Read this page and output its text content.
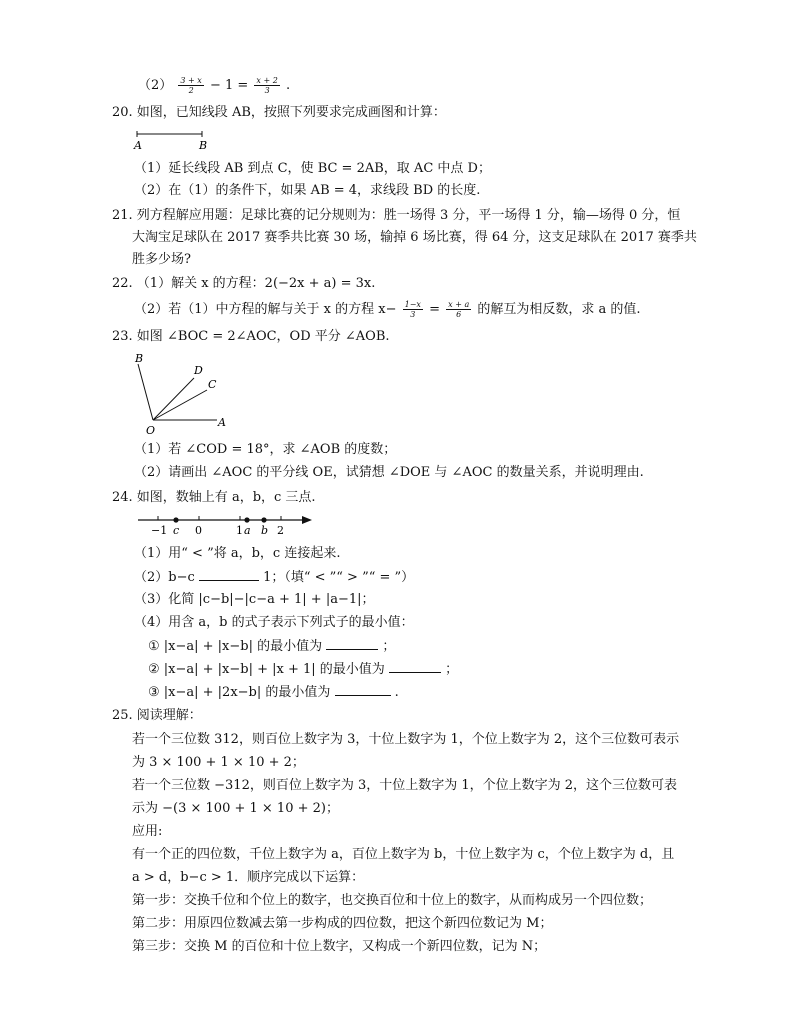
$(2) \frac{3 + x}{2} - 1 = \frac{x + 2}{3}$ .
20. 如图，已知线段 AB，按照下列要求完成画图和计算：
A	B
（1）延长线段 AB 到点 C，使 BC = 2AB，取 AC 中点 D；
（2）在（1）的条件下，如果 AB = 4，求线段 BD 的长度.
21. 列方程解应用题：足球比赛的记分规则为：胜一场得 3 分，平一场得 1 分，输—场得 0 分，恒
大淘宝足球队在 2017 赛季共比赛 30 场，输掉 6 场比赛，得 64 分，这支足球队在 2017 赛季共
胜多少场?
22. （1）解关 x 的方程：2(−2x + a) = 3x.
（2）若（1）中方程的解与关于 x 的方程 $x- \frac{1-x}{3} = \frac{x + a}{6}$ 的解互为相反数，求 a 的值.
23. 如图 ∠BOC = 2∠AOC，OD 平分 ∠AOB.
B
D
C
O
A
（1）若 ∠COD = 18°，求 ∠AOB 的度数；
（2）请画出 ∠AOC 的平分线 OE，试猜想 ∠DOE 与 ∠AOC 的数量关系，并说明理由.
24. 如图，数轴上有 a，b，c 三点.
−1 c 0	1 a b 2
（1）用“ < ”将 a，b，c 连接起来.
（2）b−c	1；（填“ < ”“ > ”“ = ”）
（3）化简 |c−b|−|c−a + 1| + |a−1|；
（4）用含 a，b 的式子表示下列式子的最小值：
① |x−a| + |x−b| 的最小值为	；
② |x−a| + |x−b| + |x + 1| 的最小值为	；
③ |x−a| + |2x−b| 的最小值为	.
25. 阅读理解：
若一个三位数 312，则百位上数字为 3，十位上数字为 1，个位上数字为 2，这个三位数可表示
为 3 × 100 + 1 × 10 + 2；
若一个三位数 −312，则百位上数字为 3，十位上数字为 1，个位上数字为 2，这个三位数可表
示为 −(3 × 100 + 1 × 10 + 2)；
应用:
有一个正的四位数，千位上数字为 a，百位上数字为 b，十位上数字为 c，个位上数字为 d，且
a > d，b−c > 1．顺序完成以下运算：
第一步：交换千位和个位上的数字，也交换百位和十位上的数字，从而构成另一个四位数；
第二步：用原四位数减去第一步构成的四位数，把这个新四位数记为 M；
第三步：交换 M 的百位和十位上数字，又构成一个新四位数，记为 N；
